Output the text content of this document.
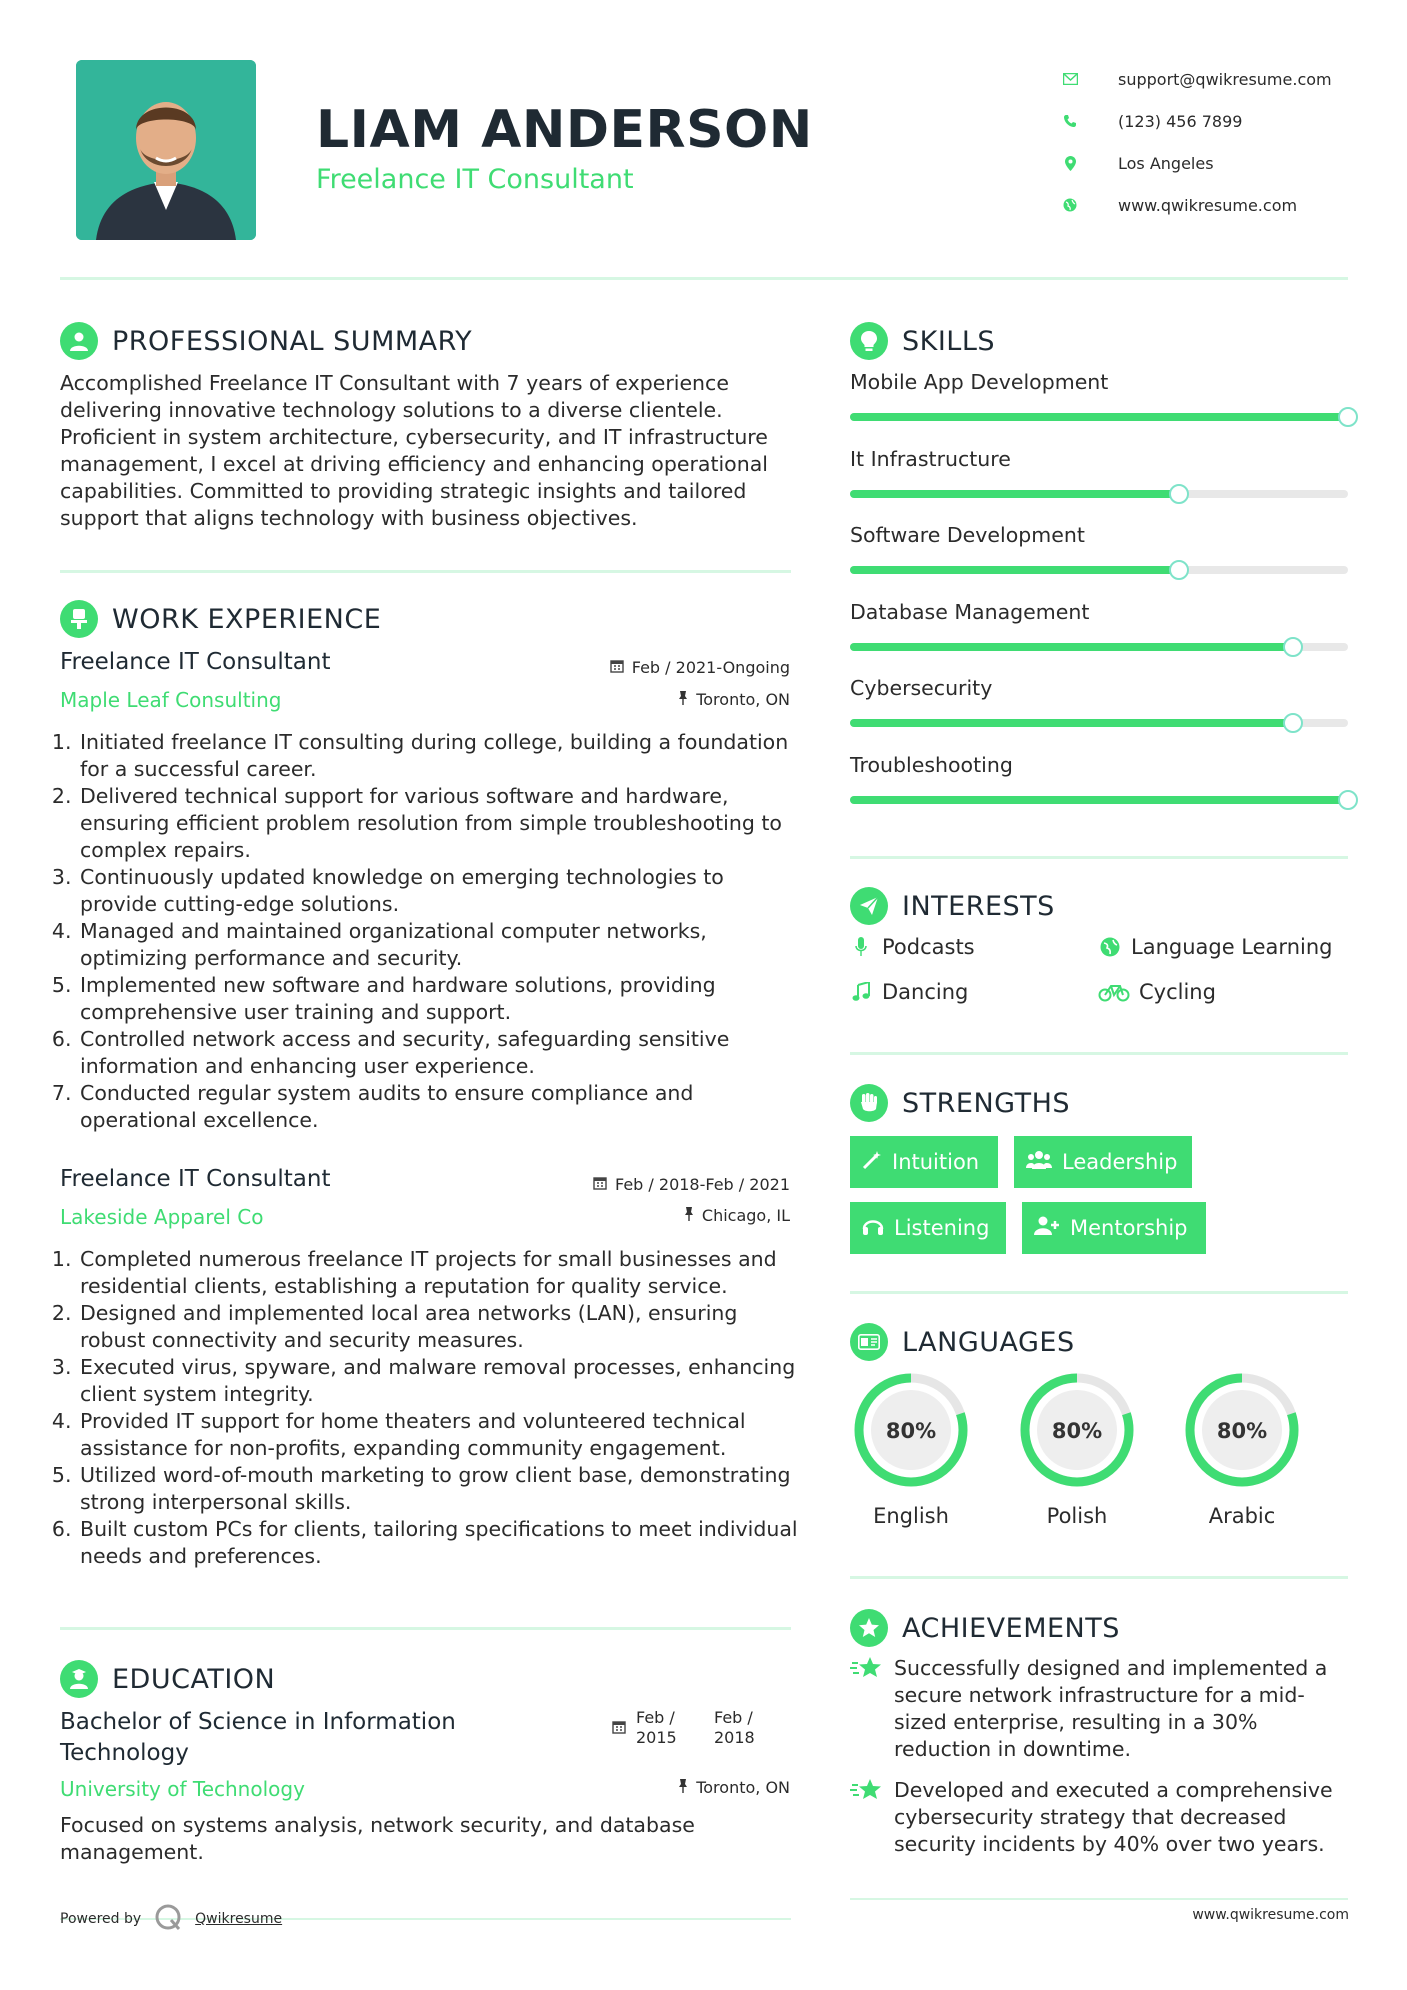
LIAM ANDERSON
Freelance IT Consultant
support@qwikresume.com
(123) 456 7899
Los Angeles
www.qwikresume.com
PROFESSIONAL SUMMARY
Accomplished Freelance IT Consultant with 7 years of experience delivering innovative technology solutions to a diverse clientele. Proficient in system architecture, cybersecurity, and IT infrastructure management, I excel at driving efficiency and enhancing operational capabilities. Committed to providing strategic insights and tailored support that aligns technology with business objectives.
WORK EXPERIENCE
Freelance IT Consultant
Maple Leaf Consulting
Feb / 2021-Ongoing
Toronto, ON
1. Initiated freelance IT consulting during college, building a foundation for a successful career.
2. Delivered technical support for various software and hardware, ensuring efficient problem resolution from simple troubleshooting to complex repairs.
3. Continuously updated knowledge on emerging technologies to provide cutting-edge solutions.
4. Managed and maintained organizational computer networks, optimizing performance and security.
5. Implemented new software and hardware solutions, providing comprehensive user training and support.
6. Controlled network access and security, safeguarding sensitive information and enhancing user experience.
7. Conducted regular system audits to ensure compliance and operational excellence.
Freelance IT Consultant
Lakeside Apparel Co
Feb / 2018-Feb / 2021
Chicago, IL
1. Completed numerous freelance IT projects for small businesses and residential clients, establishing a reputation for quality service.
2. Designed and implemented local area networks (LAN), ensuring robust connectivity and security measures.
3. Executed virus, spyware, and malware removal processes, enhancing client system integrity.
4. Provided IT support for home theaters and volunteered technical assistance for non-profits, expanding community engagement.
5. Utilized word-of-mouth marketing to grow client base, demonstrating strong interpersonal skills.
6. Built custom PCs for clients, tailoring specifications to meet individual needs and preferences.
EDUCATION
Bachelor of Science in Information Technology
University of Technology
Feb / 2015
Feb / 2018
Toronto, ON
Focused on systems analysis, network security, and database management.
Powered by	Qwikresume
SKILLS
Mobile App Development
It Infrastructure
Software Development
Database Management
Cybersecurity
Troubleshooting
INTERESTS
Podcasts	Language Learning
Dancing	Cycling
STRENGTHS
Intuition	Leadership
Listening	Mentorship
LANGUAGES
80%
English
80%
Polish
80%
Arabic
ACHIEVEMENTS
Successfully designed and implemented a secure network infrastructure for a mid-sized enterprise, resulting in a 30% reduction in downtime.
Developed and executed a comprehensive cybersecurity strategy that decreased security incidents by 40% over two years.
www.qwikresume.com
